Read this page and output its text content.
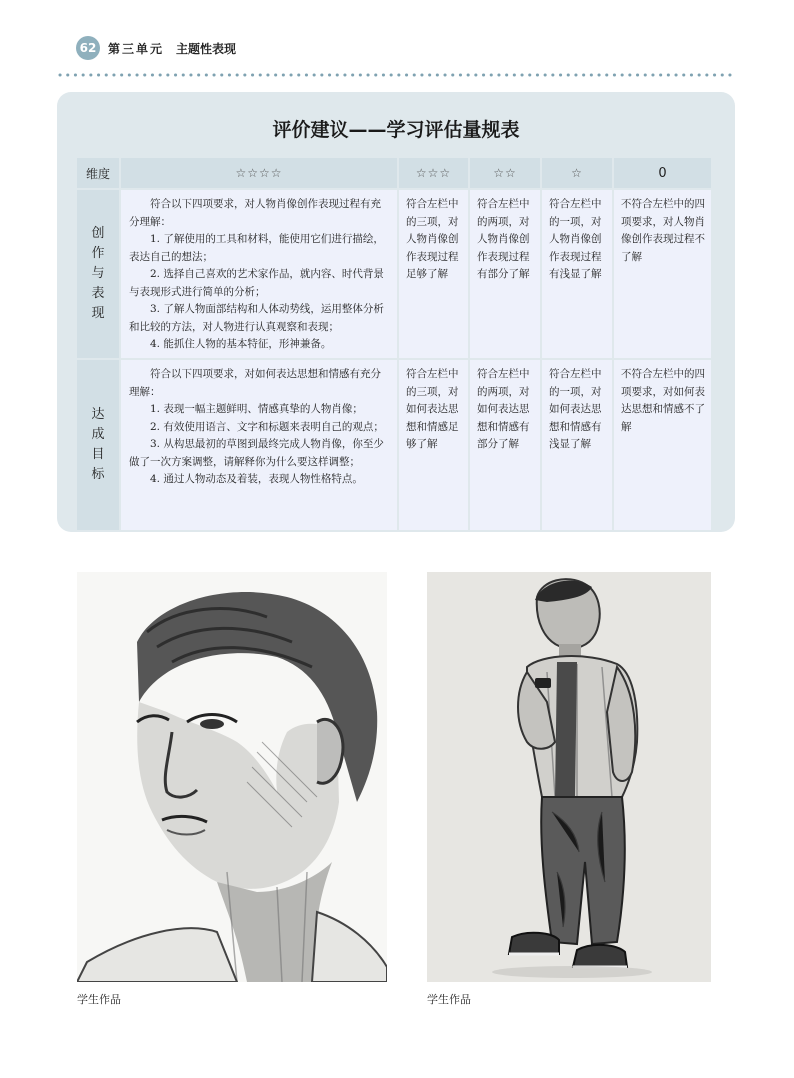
62 第三单元 主题性表现
评价建议——学习评估量规表
维度	☆☆☆☆	☆☆☆	☆☆	☆	0
创作与表现	符合以下四项要求，对人物肖像创作表现过程有充分理解：

1. 了解使用的工具和材料，能使用它们进行描绘，表达自己的想法；

2. 选择自己喜欢的艺术家作品，就内容、时代背景与表现形式进行简单的分析；

3. 了解人物面部结构和人体动势线，运用整体分析和比较的方法，对人物进行认真观察和表现；

4. 能抓住人物的基本特征，形神兼备。	符合左栏中的三项，对人物肖像创作表现过程足够了解	符合左栏中的两项，对人物肖像创作表现过程有部分了解	符合左栏中的一项，对人物肖像创作表现过程有浅显了解	不符合左栏中的四项要求，对人物肖像创作表现过程不了解

达成目标	符合以下四项要求，对如何表达思想和情感有充分理解：

1. 表现一幅主题鲜明、情感真挚的人物肖像；

2. 有效使用语言、文字和标题来表明自己的观点；

3. 从构思最初的草图到最终完成人物肖像，你至少做了一次方案调整，请解释你为什么要这样调整；

4. 通过人物动态及着装，表现人物性格特点。	符合左栏中的三项，对如何表达思想和情感足够了解	符合左栏中的两项，对如何表达思想和情感有部分了解	符合左栏中的一项，对如何表达思想和情感有浅显了解	不符合左栏中的四项要求，对如何表达思想和情感不了解
学生作品	学生作品
